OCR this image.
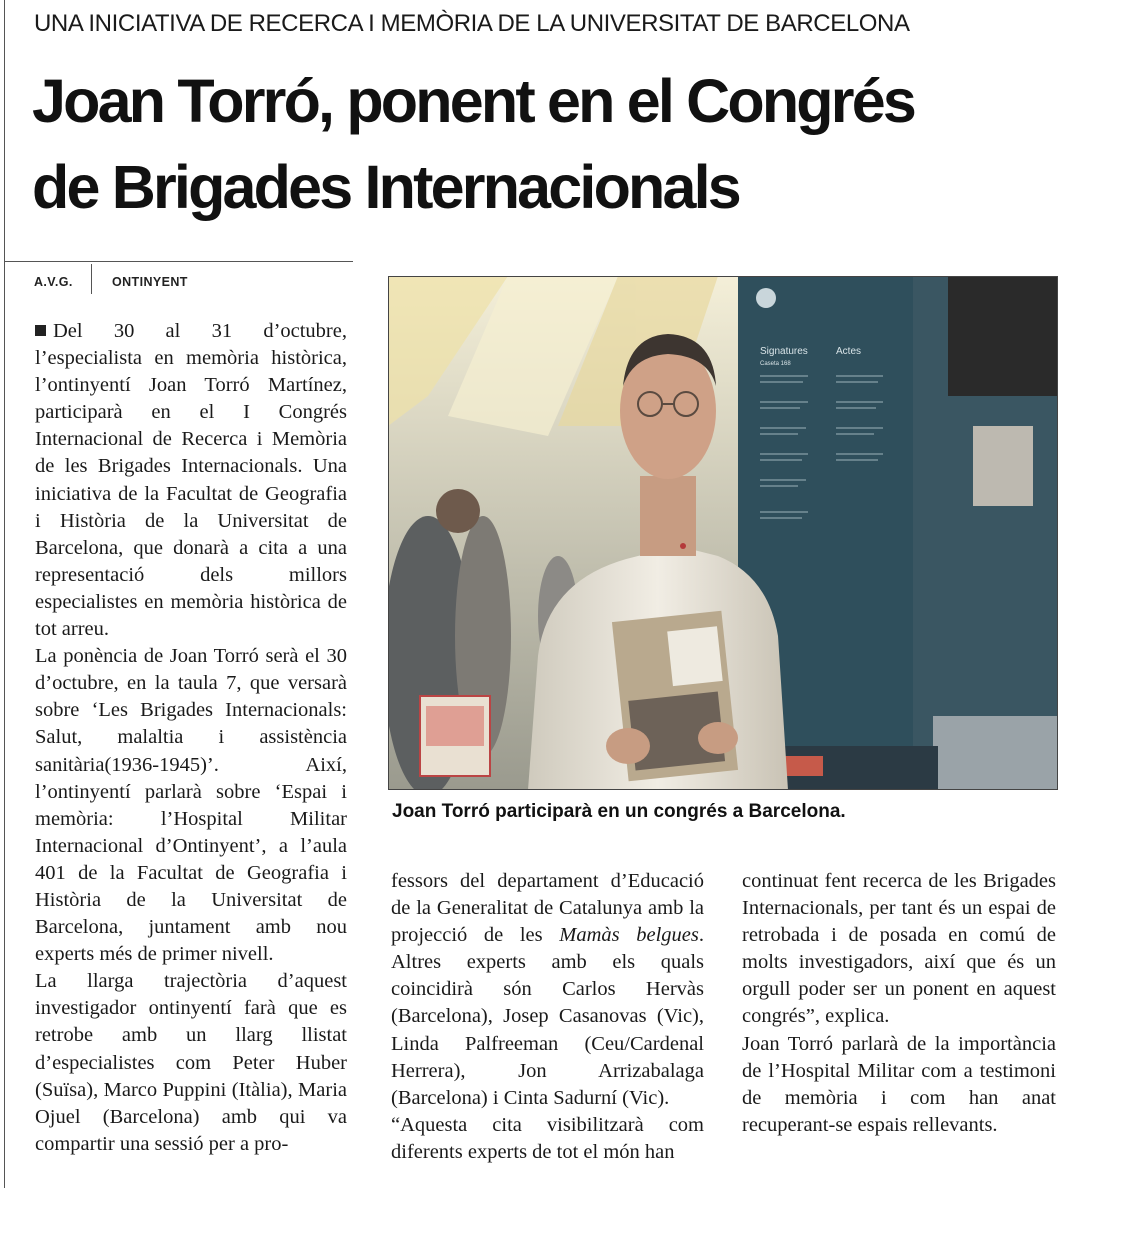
UNA INICIATIVA DE RECERCA I MEMÒRIA DE LA UNIVERSITAT DE BARCELONA
Joan Torró, ponent en el Congrés
de Brigades Internacionals
A.V.G.	ONTINYENT

Del 30 al 31 d’octubre, l’especialista en memòria històrica, l’ontinyentí Joan Torró Martínez, participarà en el I Congrés Internacional de Recerca i Memòria de les Brigades Internacionals. Una iniciativa de la Facultat de Geografia i Història de la Universitat de Barcelona, que donarà a cita a una representació dels millors especialistes en memòria històrica de tot arreu.

La ponència de Joan Torró serà el 30 d’octubre, en la taula 7, que versarà sobre ‘Les Brigades Internacionals: Salut, malaltia i assistència sanitària(1936-1945)’. Així, l’ontinyentí parlarà sobre ‘Espai i memòria: l’Hospital Militar Internacional d’Ontinyent’, a l’aula 401 de la Facultat de Geografia i Història de la Universitat de Barcelona, juntament amb nou experts més de primer nivell.

La llarga trajectòria d’aquest investigador ontinyentí farà que es retrobe amb un llarg llistat d’especialistes com Peter Huber (Suïsa), Marco Puppini (Itàlia), Maria Ojuel (Barcelona) amb qui va compartir una sessió per a pro-

Signatures
Caseta 168
Actes
Joan Torró participarà en un congrés a Barcelona.

fessors del departament d’Educació de la Generalitat de Catalunya amb la projecció de les Mamàs belgues. Altres experts amb els quals coincidirà són Carlos Hervàs (Barcelona), Josep Casanovas (Vic), Linda Palfreeman (Ceu/Cardenal Herrera), Jon Arrizabalaga (Barcelona) i Cinta Sadurní (Vic).

“Aquesta cita visibilitzarà com diferents experts de tot el món han

continuat fent recerca de les Brigades Internacionals, per tant és un espai de retrobada i de posada en comú de molts investigadors, així que és un orgull poder ser un ponent en aquest congrés”, explica.

Joan Torró parlarà de la importància de l’Hospital Militar com a testimoni de memòria i com han anat recuperant-se espais rellevants.
